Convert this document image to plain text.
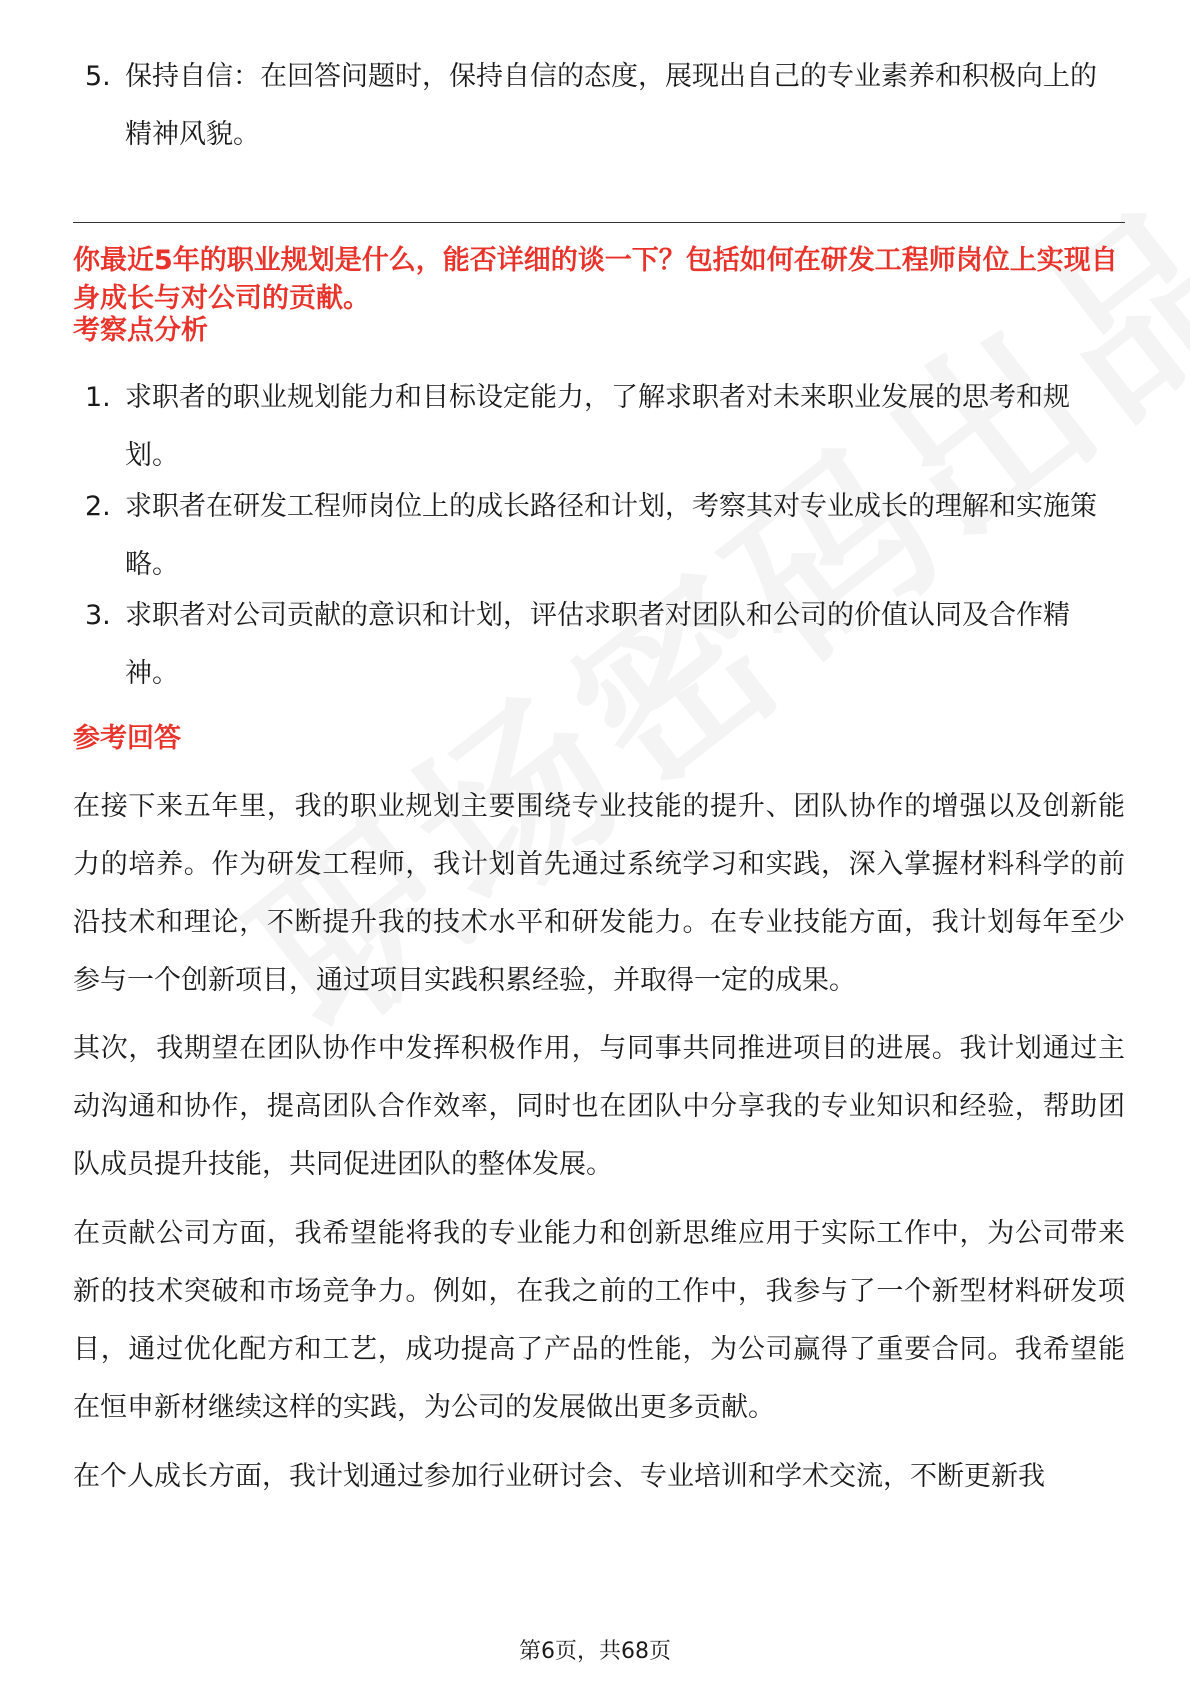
5. 保持自信：在回答问题时，保持自信的态度，展现出自己的专业素养和积极向上的精神风貌。
你最近5年的职业规划是什么，能否详细的谈一下？包括如何在研发工程师岗位上实现自身成长与对公司的贡献。
考察点分析
1. 求职者的职业规划能力和目标设定能力，了解求职者对未来职业发展的思考和规划。
2. 求职者在研发工程师岗位上的成长路径和计划，考察其对专业成长的理解和实施策略。
3. 求职者对公司贡献的意识和计划，评估求职者对团队和公司的价值认同及合作精神。
参考回答
在接下来五年里，我的职业规划主要围绕专业技能的提升、团队协作的增强以及创新能力的培养。作为研发工程师，我计划首先通过系统学习和实践，深入掌握材料科学的前沿技术和理论，不断提升我的技术水平和研发能力。在专业技能方面，我计划每年至少参与一个创新项目，通过项目实践积累经验，并取得一定的成果。
其次，我期望在团队协作中发挥积极作用，与同事共同推进项目的进展。我计划通过主动沟通和协作，提高团队合作效率，同时也在团队中分享我的专业知识和经验，帮助团队成员提升技能，共同促进团队的整体发展。
在贡献公司方面，我希望能将我的专业能力和创新思维应用于实际工作中，为公司带来新的技术突破和市场竞争力。例如，在我之前的工作中，我参与了一个新型材料研发项目，通过优化配方和工艺，成功提高了产品的性能，为公司赢得了重要合同。我希望能在恒申新材继续这样的实践，为公司的发展做出更多贡献。
在个人成长方面，我计划通过参加行业研讨会、专业培训和学术交流，不断更新我
第6页，共68页
